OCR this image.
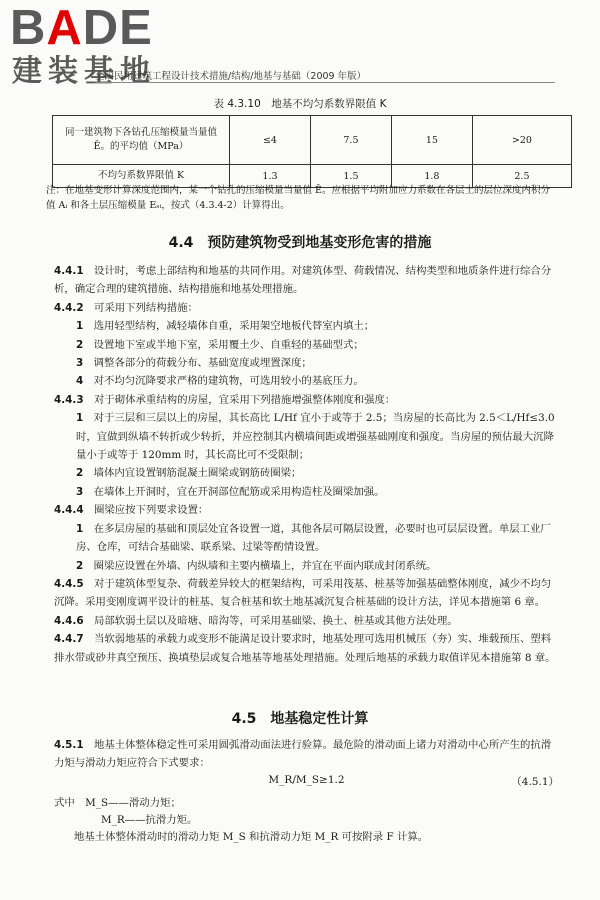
BADE
建装基地
全国民用建筑工程设计技术措施/结构/地基与基础（2009 年版）
表 4.3.10　地基不均匀系数界限值 K
同一建筑物下各钻孔压缩模量当量值 Ē。的平均值（MPa）	≤4	7.5	15	>20
不均匀系数界限值 K	1.3	1.5	1.8	2.5
注：在地基变形计算深度范围内，某一个钻孔的压缩模量当量值 Ē。应根据平均附加应力系数在各层土的层位深度内积分值 Aᵢ 和各土层压缩模量 Eₛᵢ，按式（4.3.4-2）计算得出。
4.4　预防建筑物受到地基变形危害的措施

4.4.1　 设计时，考虑上部结构和地基的共同作用。对建筑体型、荷载情况、结构类型和地质条件进行综合分析，确定合理的建筑措施、结构措施和地基处理措施。

4.4.2　 可采用下列结构措施：

1　 选用轻型结构，减轻墙体自重，采用架空地板代替室内填土；

2　 设置地下室或半地下室，采用覆土少、自重轻的基础型式；

3　 调整各部分的荷载分布、基础宽度或埋置深度；

4　 对不均匀沉降要求严格的建筑物，可选用较小的基底压力。

4.4.3　 对于砌体承重结构的房屋，宜采用下列措施增强整体刚度和强度：

1　 对于三层和三层以上的房屋，其长高比 L/Hf 宜小于或等于 2.5；当房屋的长高比为 2.5＜L/Hf≤3.0 时，宜做到纵墙不转折或少转折，并应控制其内横墙间距或增强基础刚度和强度。当房屋的预估最大沉降量小于或等于 120mm 时，其长高比可不受限制；

2　 墙体内宜设置钢筋混凝土圈梁或钢筋砖圈梁；

3　 在墙体上开洞时，宜在开洞部位配筋或采用构造柱及圈梁加强。

4.4.4　 圈梁应按下列要求设置：

1　 在多层房屋的基础和顶层处宜各设置一道，其他各层可隔层设置，必要时也可层层设置。单层工业厂房、仓库，可结合基础梁、联系梁、过梁等酌情设置。

2　 圈梁应设置在外墙、内纵墙和主要内横墙上，并宜在平面内联成封闭系统。

4.4.5　 对于建筑体型复杂、荷载差异较大的框架结构，可采用筏基、桩基等加强基础整体刚度，减少不均匀沉降。采用变刚度调平设计的桩基、复合桩基和软土地基减沉复合桩基础的设计方法，详见本措施第 6 章。

4.4.6　 局部软弱土层以及暗塘、暗沟等，可采用基础梁、换土、桩基或其他方法处理。

4.4.7　 当软弱地基的承载力或变形不能满足设计要求时，地基处理可选用机械压（夯）实、堆载预压、塑料排水带或砂井真空预压、换填垫层或复合地基等地基处理措施。处理后地基的承载力取值详见本措施第 8 章。

4.5　地基稳定性计算

4.5.1　 地基土体整体稳定性可采用圆弧滑动面法进行验算。最危险的滑动面上诸力对滑动中心所产生的抗滑力矩与滑动力矩应符合下式要求：

M_R/M_S≥1.2	（4.5.1）

式中　M_S——滑动力矩；

M_R——抗滑力矩。

地基土体整体滑动时的滑动力矩 M_S 和抗滑动力矩 M_R 可按附录 F 计算。
